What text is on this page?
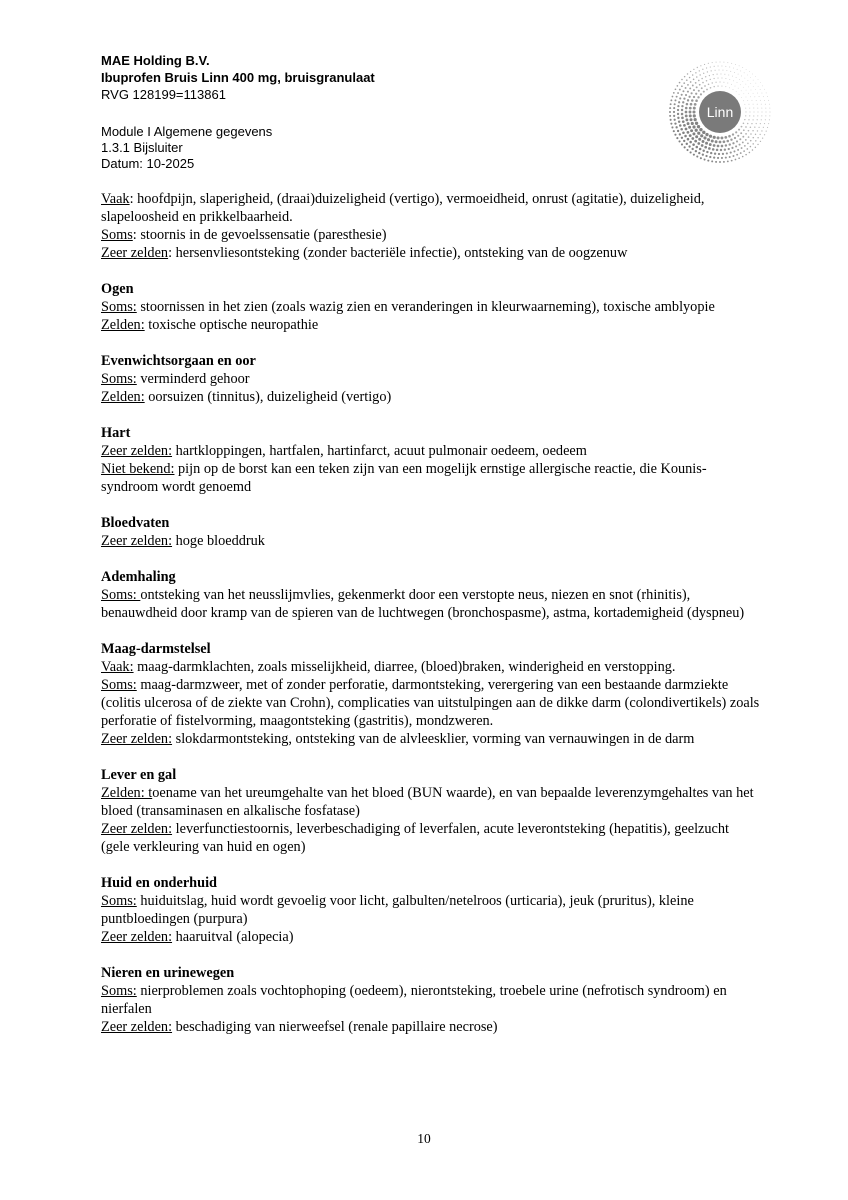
MAE Holding B.V.
Ibuprofen Bruis Linn 400 mg, bruisgranulaat
RVG 128199=113861
Module I Algemene gegevens
1.3.1 Bijsluiter
Datum: 10-2025
Linn
Vaak: hoofdpijn, slaperigheid, (draai)duizeligheid (vertigo), vermoeidheid, onrust (agitatie), duizeligheid, slapeloosheid en prikkelbaarheid.
Soms: stoornis in de gevoelssensatie (paresthesie)
Zeer zelden: hersenvliesontsteking (zonder bacteriële infectie), ontsteking van de oogzenuw
Ogen
Soms: stoornissen in het zien (zoals wazig zien en veranderingen in kleurwaarneming), toxische amblyopie
Zelden: toxische optische neuropathie
Evenwichtsorgaan en oor
Soms: verminderd gehoor
Zelden: oorsuizen (tinnitus), duizeligheid (vertigo)
Hart
Zeer zelden: hartkloppingen, hartfalen, hartinfarct, acuut pulmonair oedeem, oedeem
Niet bekend: pijn op de borst kan een teken zijn van een mogelijk ernstige allergische reactie, die Kounis-syndroom wordt genoemd
Bloedvaten
Zeer zelden: hoge bloeddruk
Ademhaling
Soms: ontsteking van het neusslijmvlies, gekenmerkt door een verstopte neus, niezen en snot (rhinitis), benauwdheid door kramp van de spieren van de luchtwegen (bronchospasme), astma, kortademigheid (dyspneu)
Maag-darmstelsel
Vaak: maag-darmklachten, zoals misselijkheid, diarree, (bloed)braken, winderigheid en verstopping.
Soms: maag-darmzweer, met of zonder perforatie, darmontsteking, verergering van een bestaande darmziekte (colitis ulcerosa of de ziekte van Crohn), complicaties van uitstulpingen aan de dikke darm (colondivertikels) zoals perforatie of fistelvorming, maagontsteking (gastritis), mondzweren.
Zeer zelden: slokdarmontsteking, ontsteking van de alvleesklier, vorming van vernauwingen in de darm
Lever en gal
Zelden: toename van het ureumgehalte van het bloed (BUN waarde), en van bepaalde leverenzymgehaltes van het bloed (transaminasen en alkalische fosfatase)
Zeer zelden: leverfunctiestoornis, leverbeschadiging of leverfalen, acute leverontsteking (hepatitis), geelzucht (gele verkleuring van huid en ogen)
Huid en onderhuid
Soms: huiduitslag, huid wordt gevoelig voor licht, galbulten/netelroos (urticaria), jeuk (pruritus), kleine puntbloedingen (purpura)
Zeer zelden: haaruitval (alopecia)
Nieren en urinewegen
Soms: nierproblemen zoals vochtophoping (oedeem), nierontsteking, troebele urine (nefrotisch syndroom) en nierfalen
Zeer zelden: beschadiging van nierweefsel (renale papillaire necrose)
10
